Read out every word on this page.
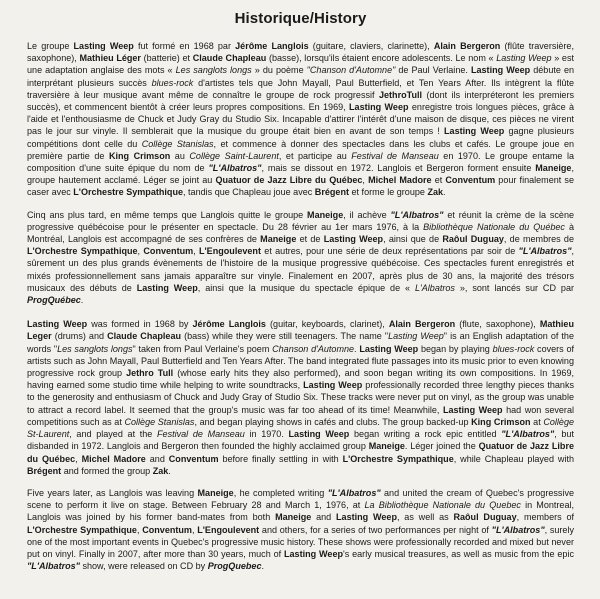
Historique/History

Le groupe Lasting Weep fut formé en 1968 par Jérôme Langlois (guitare, claviers, clarinette), Alain Bergeron (flûte traversière, saxophone), Mathieu Léger (batterie) et Claude Chapleau (basse), lorsqu'ils étaient encore adolescents. Le nom « Lasting Weep » est une adaptation anglaise des mots « Les sanglots longs » du poème "Chanson d'Automne" de Paul Verlaine. Lasting Weep débute en interprétant plusieurs succès blues-rock d'artistes tels que John Mayall, Paul Butterfield, et Ten Years After. Ils intègrent la flûte traversière à leur musique avant même de connaître le groupe de rock progressif JethroTull (dont ils interpréteront les premiers succès), et commencent bientôt à créer leurs propres compositions. En 1969, Lasting Weep enregistre trois longues pièces, grâce à l'aide et l'enthousiasme de Chuck et Judy Gray du Studio Six. Incapable d'attirer l'intérêt d'une maison de disque, ces pièces ne virent pas le jour sur vinyle. Il semblerait que la musique du groupe était bien en avant de son temps ! Lasting Weep gagne plusieurs compétitions dont celle du Collège Stanislas, et commence à donner des spectacles dans les clubs et cafés. Le groupe joue en première partie de King Crimson au Collège Saint-Laurent, et participe au Festival de Manseau en 1970. Le groupe entame la composition d'une suite épique du nom de "L'Albatros", mais se dissout en 1972. Langlois et Bergeron forment ensuite Maneige, groupe hautement acclamé. Léger se joint au Quatuor de Jazz Libre du Québec, Michel Madore et Conventum pour finalement se caser avec L'Orchestre Sympathique, tandis que Chapleau joue avec Brégent et forme le groupe Zak.

Cinq ans plus tard, en même temps que Langlois quitte le groupe Maneige, il achève "L'Albatros" et réunit la crème de la scène progressive québécoise pour le présenter en spectacle. Du 28 février au 1er mars 1976, à la Bibliothèque Nationale du Québec à Montréal, Langlois est accompagné de ses confrères de Maneige et de Lasting Weep, ainsi que de Raôul Duguay, de membres de L'Orchestre Sympathique, Conventum, L'Engoulevent et autres, pour une série de deux représentations par soir de "L'Albatros", sûrement un des plus grands évènements de l'histoire de la musique progressive québécoise. Ces spectacles furent enregistrés et mixés professionnellement sans jamais apparaître sur vinyle. Finalement en 2007, après plus de 30 ans, la majorité des trésors musicaux des débuts de Lasting Weep, ainsi que la musique du spectacle épique de « L'Albatros », sont lancés sur CD par ProgQuébec.

Lasting Weep was formed in 1968 by Jérôme Langlois (guitar, keyboards, clarinet), Alain Bergeron (flute, saxophone), Mathieu Leger (drums) and Claude Chapleau (bass) while they were still teenagers. The name "Lasting Weep" is an English adaptation of the words "Les sanglots longs" taken from Paul Verlaine's poem Chanson d'Automne. Lasting Weep began by playing blues-rock covers of artists such as John Mayall, Paul Butterfield and Ten Years After. The band integrated flute passages into its music prior to even knowing progressive rock group Jethro Tull (whose early hits they also performed), and soon began writing its own compositions. In 1969, having earned some studio time while helping to write soundtracks, Lasting Weep professionally recorded three lengthy pieces thanks to the generosity and enthusiasm of Chuck and Judy Gray of Studio Six. These tracks were never put on vinyl, as the group was unable to attract a record label. It seemed that the group's music was far too ahead of its time! Meanwhile, Lasting Weep had won several competitions such as at Collège Stanislas, and began playing shows in cafés and clubs. The group backed-up King Crimson at Collège St-Laurent, and played at the Festival de Manseau in 1970. Lasting Weep began writing a rock epic entitled "L'Albatros", but disbanded in 1972. Langlois and Bergeron then founded the highly acclaimed group Maneige. Léger joined the Quatuor de Jazz Libre du Québec, Michel Madore and Conventum before finally settling in with L'Orchestre Sympathique, while Chapleau played with Brégent and formed the group Zak.

Five years later, as Langlois was leaving Maneige, he completed writing "L'Albatros" and united the cream of Quebec's progressive scene to perform it live on stage. Between February 28 and March 1, 1976, at La Bibliothèque Nationale du Quebec in Montreal, Langlois was joined by his former band-mates from both Maneige and Lasting Weep, as well as Raôul Duguay, members of L'Orchestre Sympathique, Conventum, L'Engoulevent and others, for a series of two performances per night of "L'Albatros", surely one of the most important events in Quebec's progressive music history. These shows were professionally recorded and mixed but never put on vinyl. Finally in 2007, after more than 30 years, much of Lasting Weep's early musical treasures, as well as music from the epic "L'Albatros" show, were released on CD by ProgQuebec.
